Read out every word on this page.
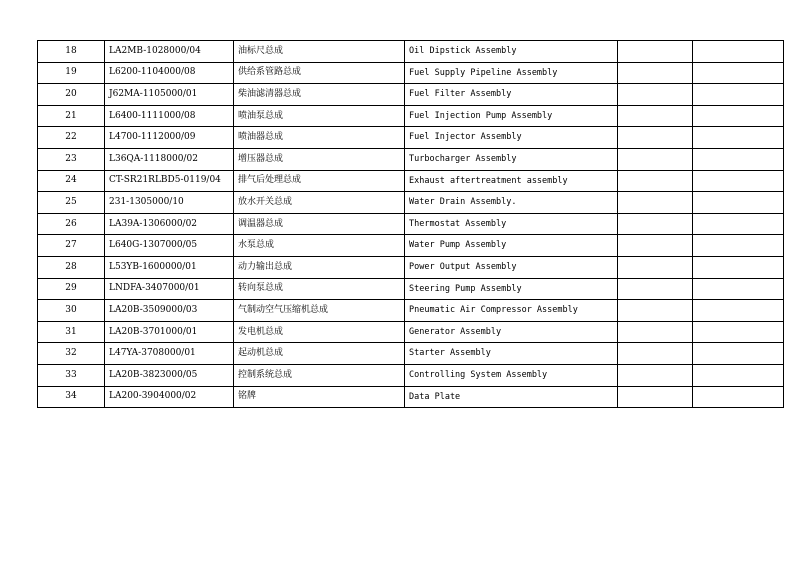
18	LA2MB-1028000/04	油标尺总成	Oil Dipstick Assembly		
19	L6200-1104000/08	供给系管路总成	Fuel Supply Pipeline Assembly		
20	J62MA-1105000/01	柴油滤清器总成	Fuel Filter Assembly		
21	L6400-1111000/08	喷油泵总成	Fuel Injection Pump Assembly		
22	L4700-1112000/09	喷油器总成	Fuel Injector Assembly		
23	L36QA-1118000/02	增压器总成	Turbocharger Assembly		
24	CT-SR21RLBD5-0119/04	排气后处理总成	Exhaust aftertreatment assembly		
25	231-1305000/10	放水开关总成	Water Drain Assembly.		
26	LA39A-1306000/02	调温器总成	Thermostat Assembly		
27	L640G-1307000/05	水泵总成	Water Pump Assembly		
28	L53YB-1600000/01	动力输出总成	Power Output Assembly		
29	LNDFA-3407000/01	转向泵总成	Steering Pump Assembly		
30	LA20B-3509000/03	气制动空气压缩机总成	Pneumatic Air Compressor Assembly		
31	LA20B-3701000/01	发电机总成	Generator Assembly		
32	L47YA-3708000/01	起动机总成	Starter Assembly		
33	LA20B-3823000/05	控制系统总成	Controlling System Assembly		
34	LA200-3904000/02	铭牌	Data Plate		
